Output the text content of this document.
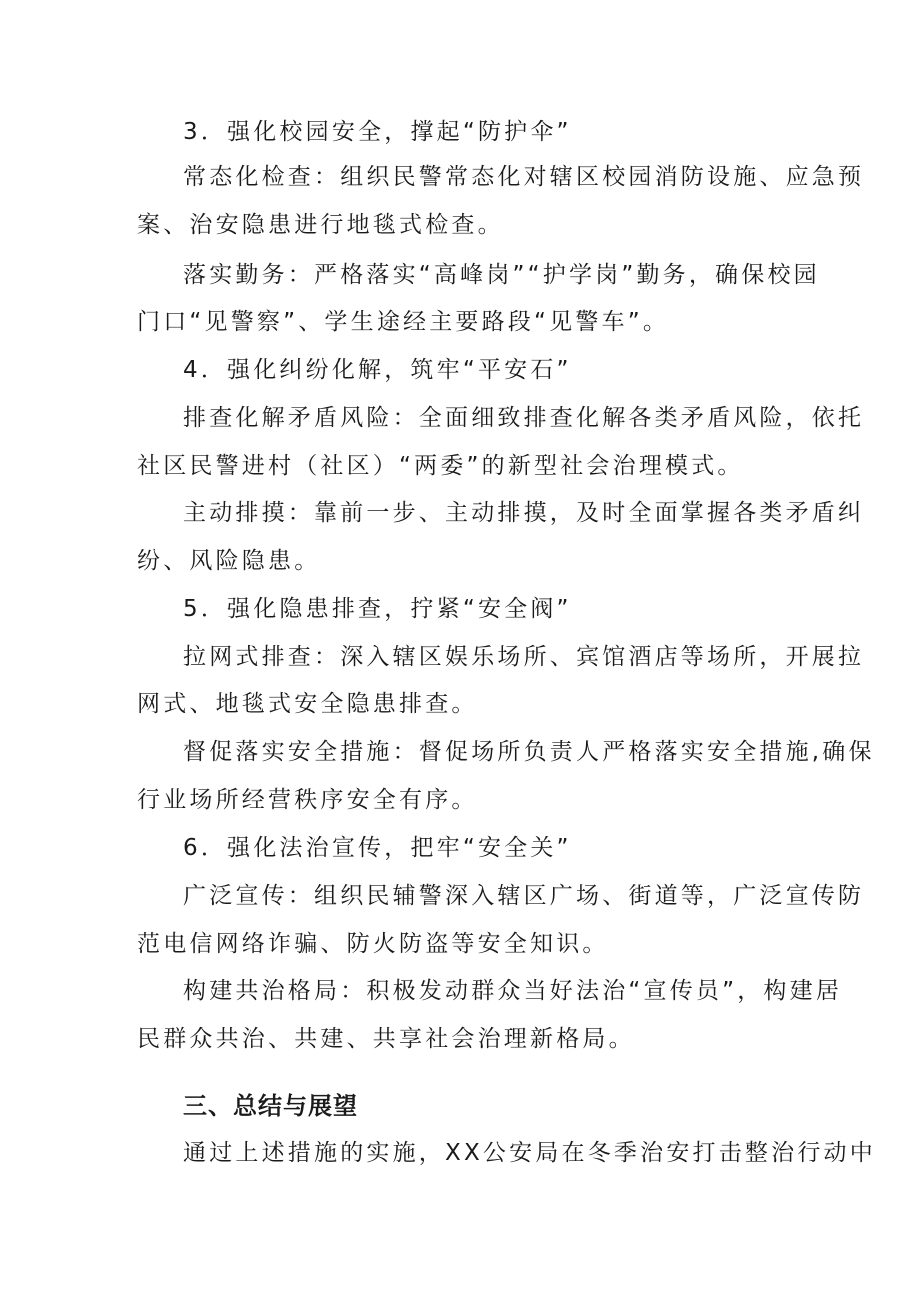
3．强化校园安全，撑起“防护伞”
常态化检查：组织民警常态化对辖区校园消防设施、应急预
案、治安隐患进行地毯式检查。
落实勤务：严格落实“高峰岗”“护学岗”勤务，确保校园
门口“见警察”、学生途经主要路段“见警车”。
4．强化纠纷化解，筑牢“平安石”
排查化解矛盾风险：全面细致排查化解各类矛盾风险，依托
社区民警进村（社区）“两委”的新型社会治理模式。
主动排摸：靠前一步、主动排摸，及时全面掌握各类矛盾纠
纷、风险隐患。
5．强化隐患排查，拧紧“安全阀”
拉网式排查：深入辖区娱乐场所、宾馆酒店等场所，开展拉
网式、地毯式安全隐患排查。
督促落实安全措施：督促场所负责人严格落实安全措施,确保
行业场所经营秩序安全有序。
6．强化法治宣传，把牢“安全关”
广泛宣传：组织民辅警深入辖区广场、街道等，广泛宣传防
范电信网络诈骗、防火防盗等安全知识。
构建共治格局：积极发动群众当好法治“宣传员”，构建居
民群众共治、共建、共享社会治理新格局。
三、总结与展望
通过上述措施的实施，XX公安局在冬季治安打击整治行动中
